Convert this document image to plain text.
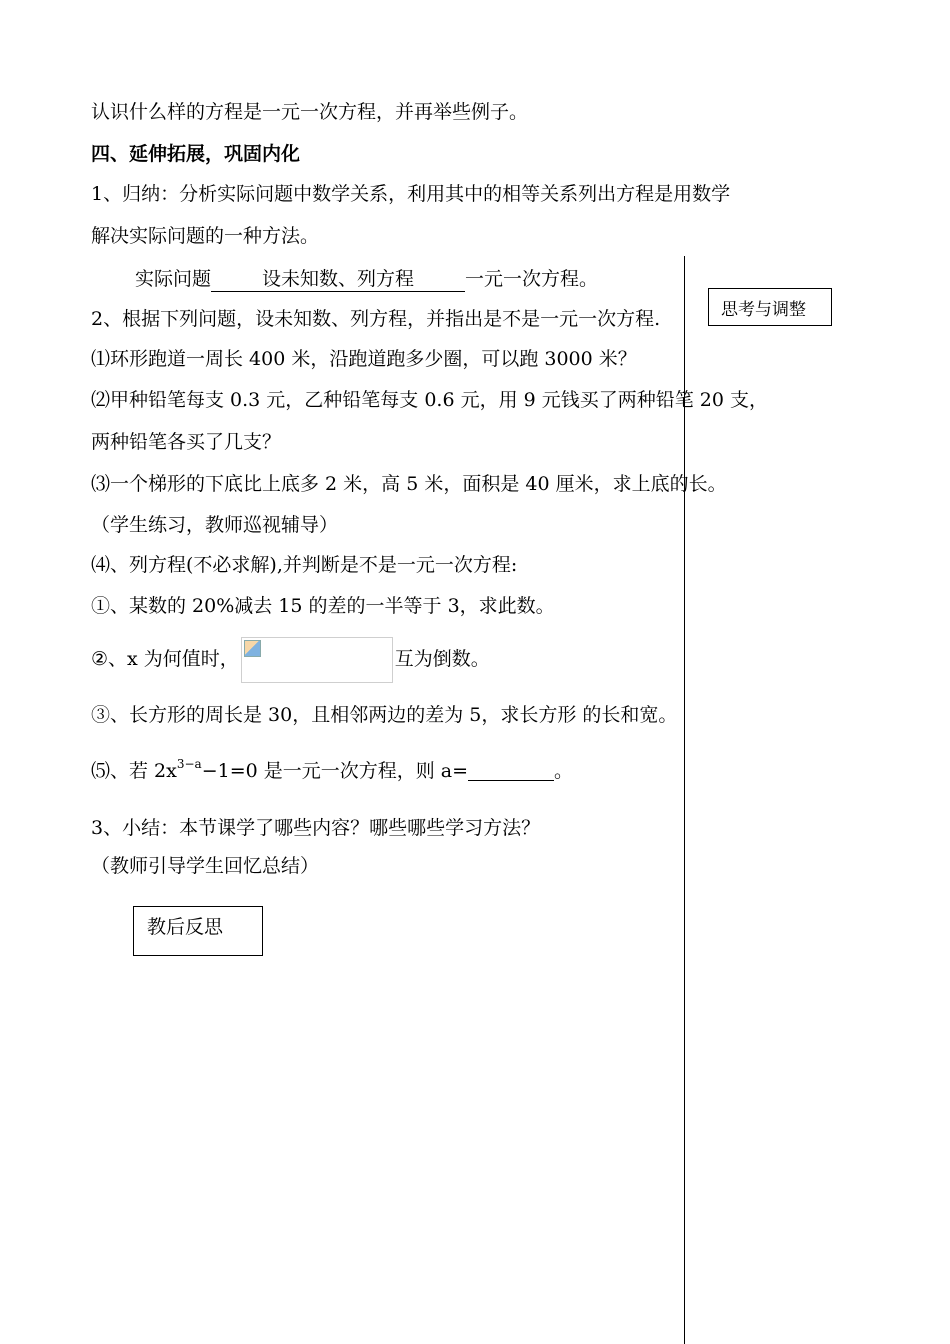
认识什么样的方程是一元一次方程，并再举些例子。
四、延伸拓展，巩固内化
1、归纳：分析实际问题中数学关系，利用其中的相等关系列出方程是用数学
解决实际问题的一种方法。
实际问题	设未知数、列方程	一元一次方程。
2、根据下列问题，设未知数、列方程，并指出是不是一元一次方程.	思考与调整
⑴环形跑道一周长 400 米，沿跑道跑多少圈，可以跑 3000 米？
⑵甲种铅笔每支 0.3 元，乙种铅笔每支 0.6 元，用 9 元钱买了两种铅笔 20 支，
两种铅笔各买了几支？
⑶一个梯形的下底比上底多 2 米，高 5 米，面积是 40 厘米，求上底的长。
（学生练习，教师巡视辅导）
⑷、列方程(不必求解),并判断是不是一元一次方程:
①、某数的 20%减去 15 的差的一半等于 3，求此数。
②、x 为何值时，	互为倒数。
③、长方形的周长是 30，且相邻两边的差为 5，求长方形 的长和宽。
⑸、若 $2x^{3-a}-1=0$ 是一元一次方程，则 a=	。
3、小结：本节课学了哪些内容？哪些哪些学习方法？
（教师引导学生回忆总结）
教后反思
